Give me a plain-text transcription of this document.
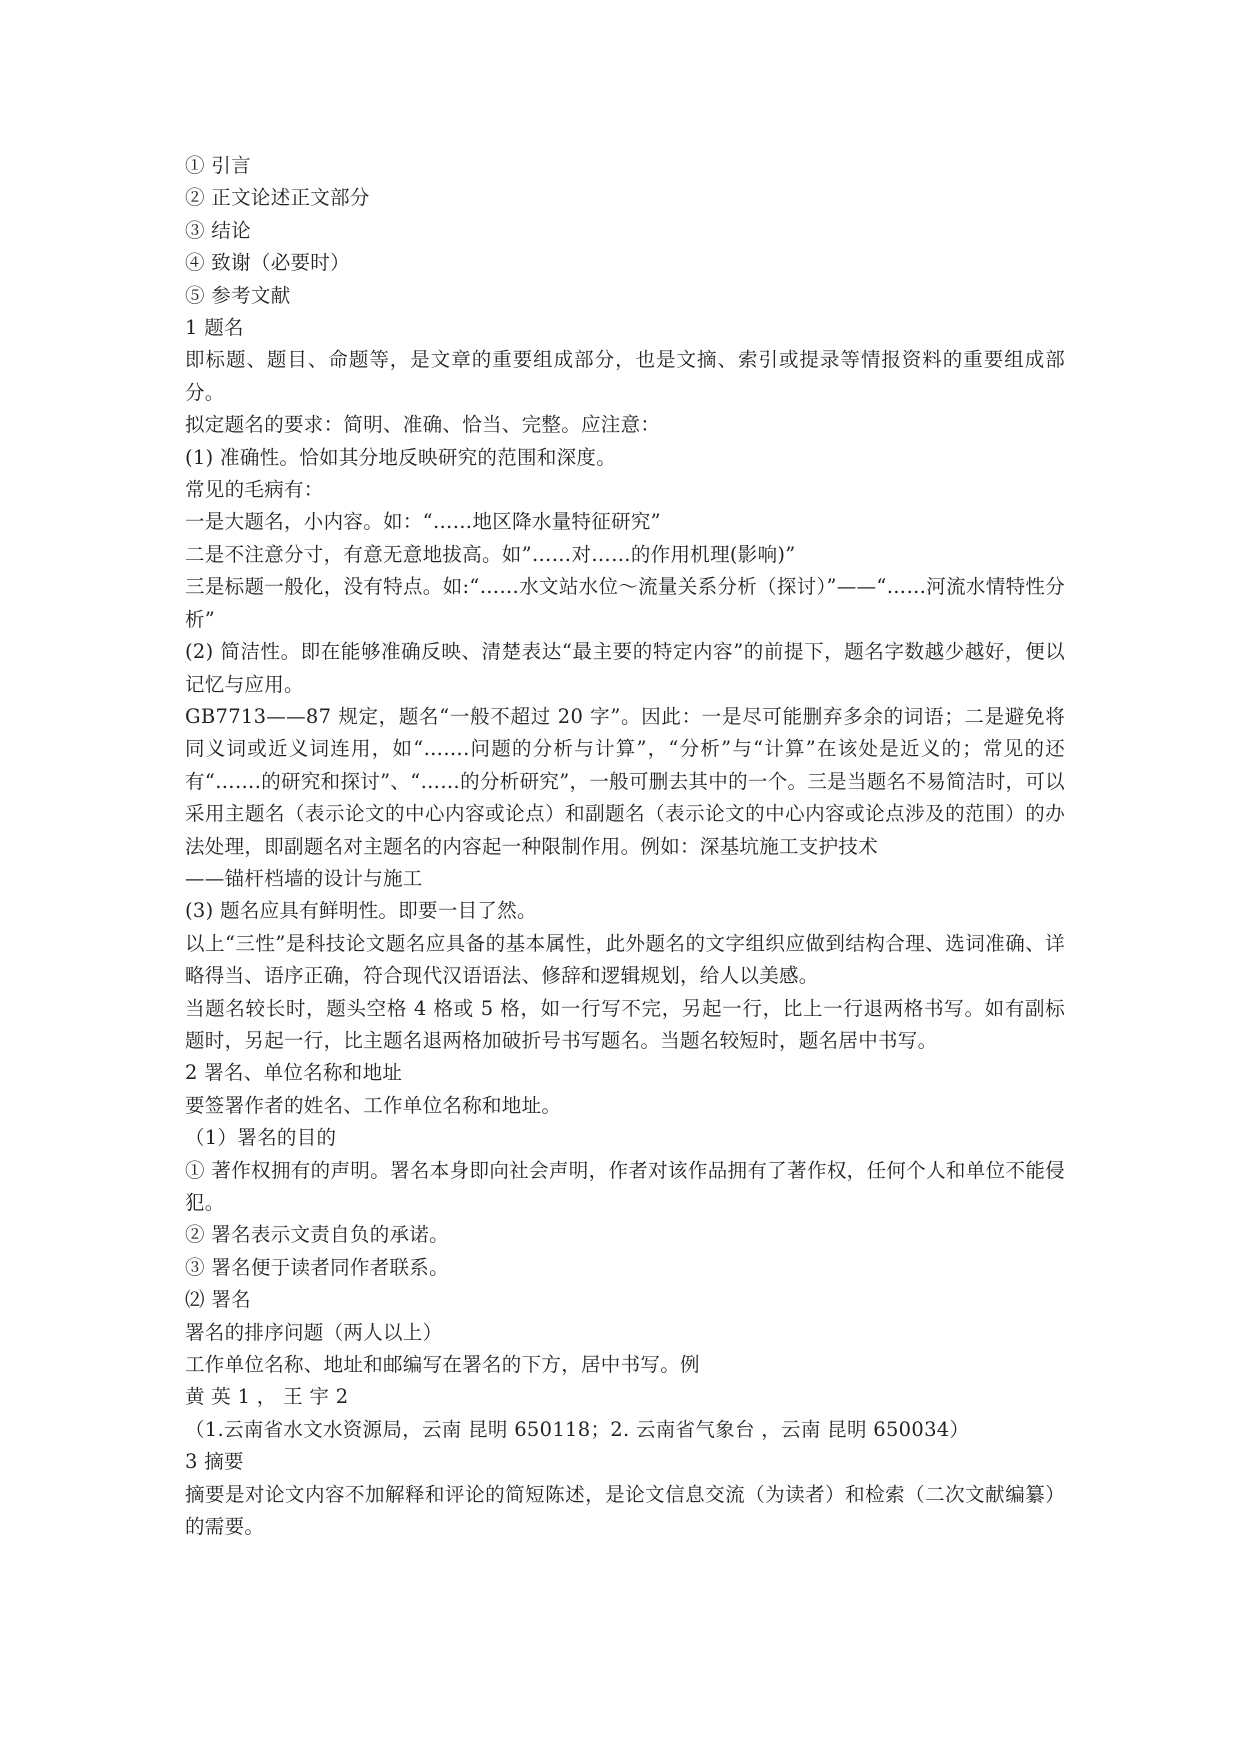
① 引言
② 正文论述正文部分
③ 结论
④ 致谢（必要时）
⑤ 参考文献
1 题名
即标题、题目、命题等，是文章的重要组成部分，也是文摘、索引或提录等情报资料的重要组成部分。
拟定题名的要求：简明、准确、恰当、完整。应注意：
(1) 准确性。恰如其分地反映研究的范围和深度。
常见的毛病有：
一是大题名，小内容。如：“……地区降水量特征研究”
二是不注意分寸，有意无意地拔高。如”……对……的作用机理(影响)”
三是标题一般化，没有特点。如:“……水文站水位～流量关系分析（探讨）”——“……河流水情特性分析”
(2) 简洁性。即在能够准确反映、清楚表达“最主要的特定内容”的前提下，题名字数越少越好，便以记忆与应用。
GB7713——87 规定，题名“一般不超过 20 字”。因此：一是尽可能删弃多余的词语；二是避免将同义词或近义词连用，如“…….问题的分析与计算”，“分析”与“计算”在该处是近义的；常见的还有“…….的研究和探讨”、“……的分析研究”，一般可删去其中的一个。三是当题名不易简洁时，可以采用主题名（表示论文的中心内容或论点）和副题名（表示论文的中心内容或论点涉及的范围）的办法处理，即副题名对主题名的内容起一种限制作用。例如：深基坑施工支护技术
——锚杆档墙的设计与施工
(3) 题名应具有鲜明性。即要一目了然。
以上“三性”是科技论文题名应具备的基本属性，此外题名的文字组织应做到结构合理、选词准确、详略得当、语序正确，符合现代汉语语法、修辞和逻辑规划，给人以美感。
当题名较长时，题头空格 4 格或 5 格，如一行写不完，另起一行，比上一行退两格书写。如有副标题时，另起一行，比主题名退两格加破折号书写题名。当题名较短时，题名居中书写。
2 署名、单位名称和地址
要签署作者的姓名、工作单位名称和地址。
（1）署名的目的
① 著作权拥有的声明。署名本身即向社会声明，作者对该作品拥有了著作权，任何个人和单位不能侵犯。
② 署名表示文责自负的承诺。
③ 署名便于读者同作者联系。
⑵ 署名
署名的排序问题（两人以上）
工作单位名称、地址和邮编写在署名的下方，居中书写。例
黄 英 1 ， 王 宇 2
（1.云南省水文水资源局，云南 昆明 650118；2. 云南省气象台 ，云南 昆明 650034）
3 摘要
摘要是对论文内容不加解释和评论的简短陈述，是论文信息交流（为读者）和检索（二次文献编纂）的需要。
